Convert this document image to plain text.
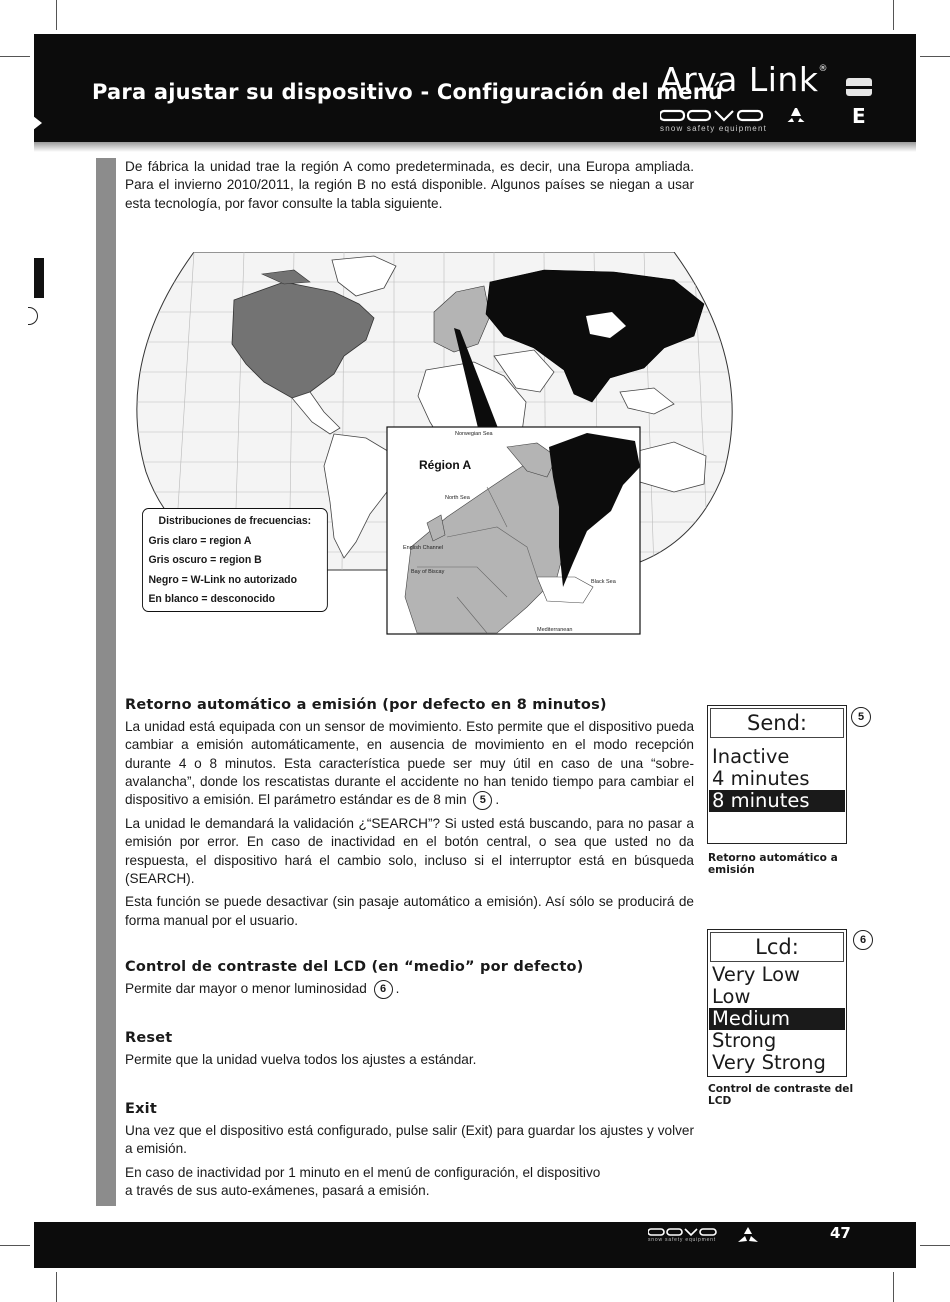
Para ajustar su dispositivo - Configuración del menú
Arva Link®
snow safety equipment
E

De fábrica la unidad trae la región A como predeterminada, es decir, una Europa ampliada. Para el invierno 2010/2011, la región B no está disponible. Algunos países se niegan a usar esta tecnología, por favor consulte la tabla siguiente.

Norwegian Sea
North Sea
English Channel
Bay of Biscay
Black Sea
Mediterranean
Région A
Distribuciones de frecuencias:
Gris claro = region A
Gris oscuro = region B
Negro = W-Link no autorizado
En blanco = desconocido
Retorno automático a emisión (por defecto en 8 minutos)

La unidad está equipada con un sensor de movimiento. Esto permite que el dispositivo pueda cambiar a emisión automáticamente, en ausencia de movimiento en el modo recepción durante 4 o 8 minutos. Esta característica puede ser muy útil en caso de una “sobre-avalancha”, donde los rescatistas durante el accidente no han tenido tiempo para cambiar el dispositivo a emisión. El parámetro estándar es de 8 min 5 .

La unidad le demandará la validación ¿“SEARCH”? Si usted está buscando, para no pasar a emisión por error. En caso de inactividad en el botón central, o sea que usted no da respuesta, el dispositivo hará el cambio solo, incluso si el interruptor está en búsqueda (SEARCH).

Esta función se puede desactivar (sin pasaje automático a emisión). Así sólo se producirá de forma manual por el usuario.

Control de contraste del LCD (en “medio” por defecto)

Permite dar mayor o menor luminosidad 6 .

Reset

Permite que la unidad vuelva todos los ajustes a estándar.

Exit

Una vez que el dispositivo está configurado, pulse salir (Exit) para guardar los ajustes y volver a emisión.

En caso de inactividad por 1 minuto en el menú de configuración, el dispositivo
a través de sus auto-exámenes, pasará a emisión.

Send:
Inactive
4 minutes
8 minutes
5
Retorno automático a emisión
Lcd:
Very Low
Low
Medium
Strong
Very Strong
6
Control de contraste del LCD
snow safety equipment	47
